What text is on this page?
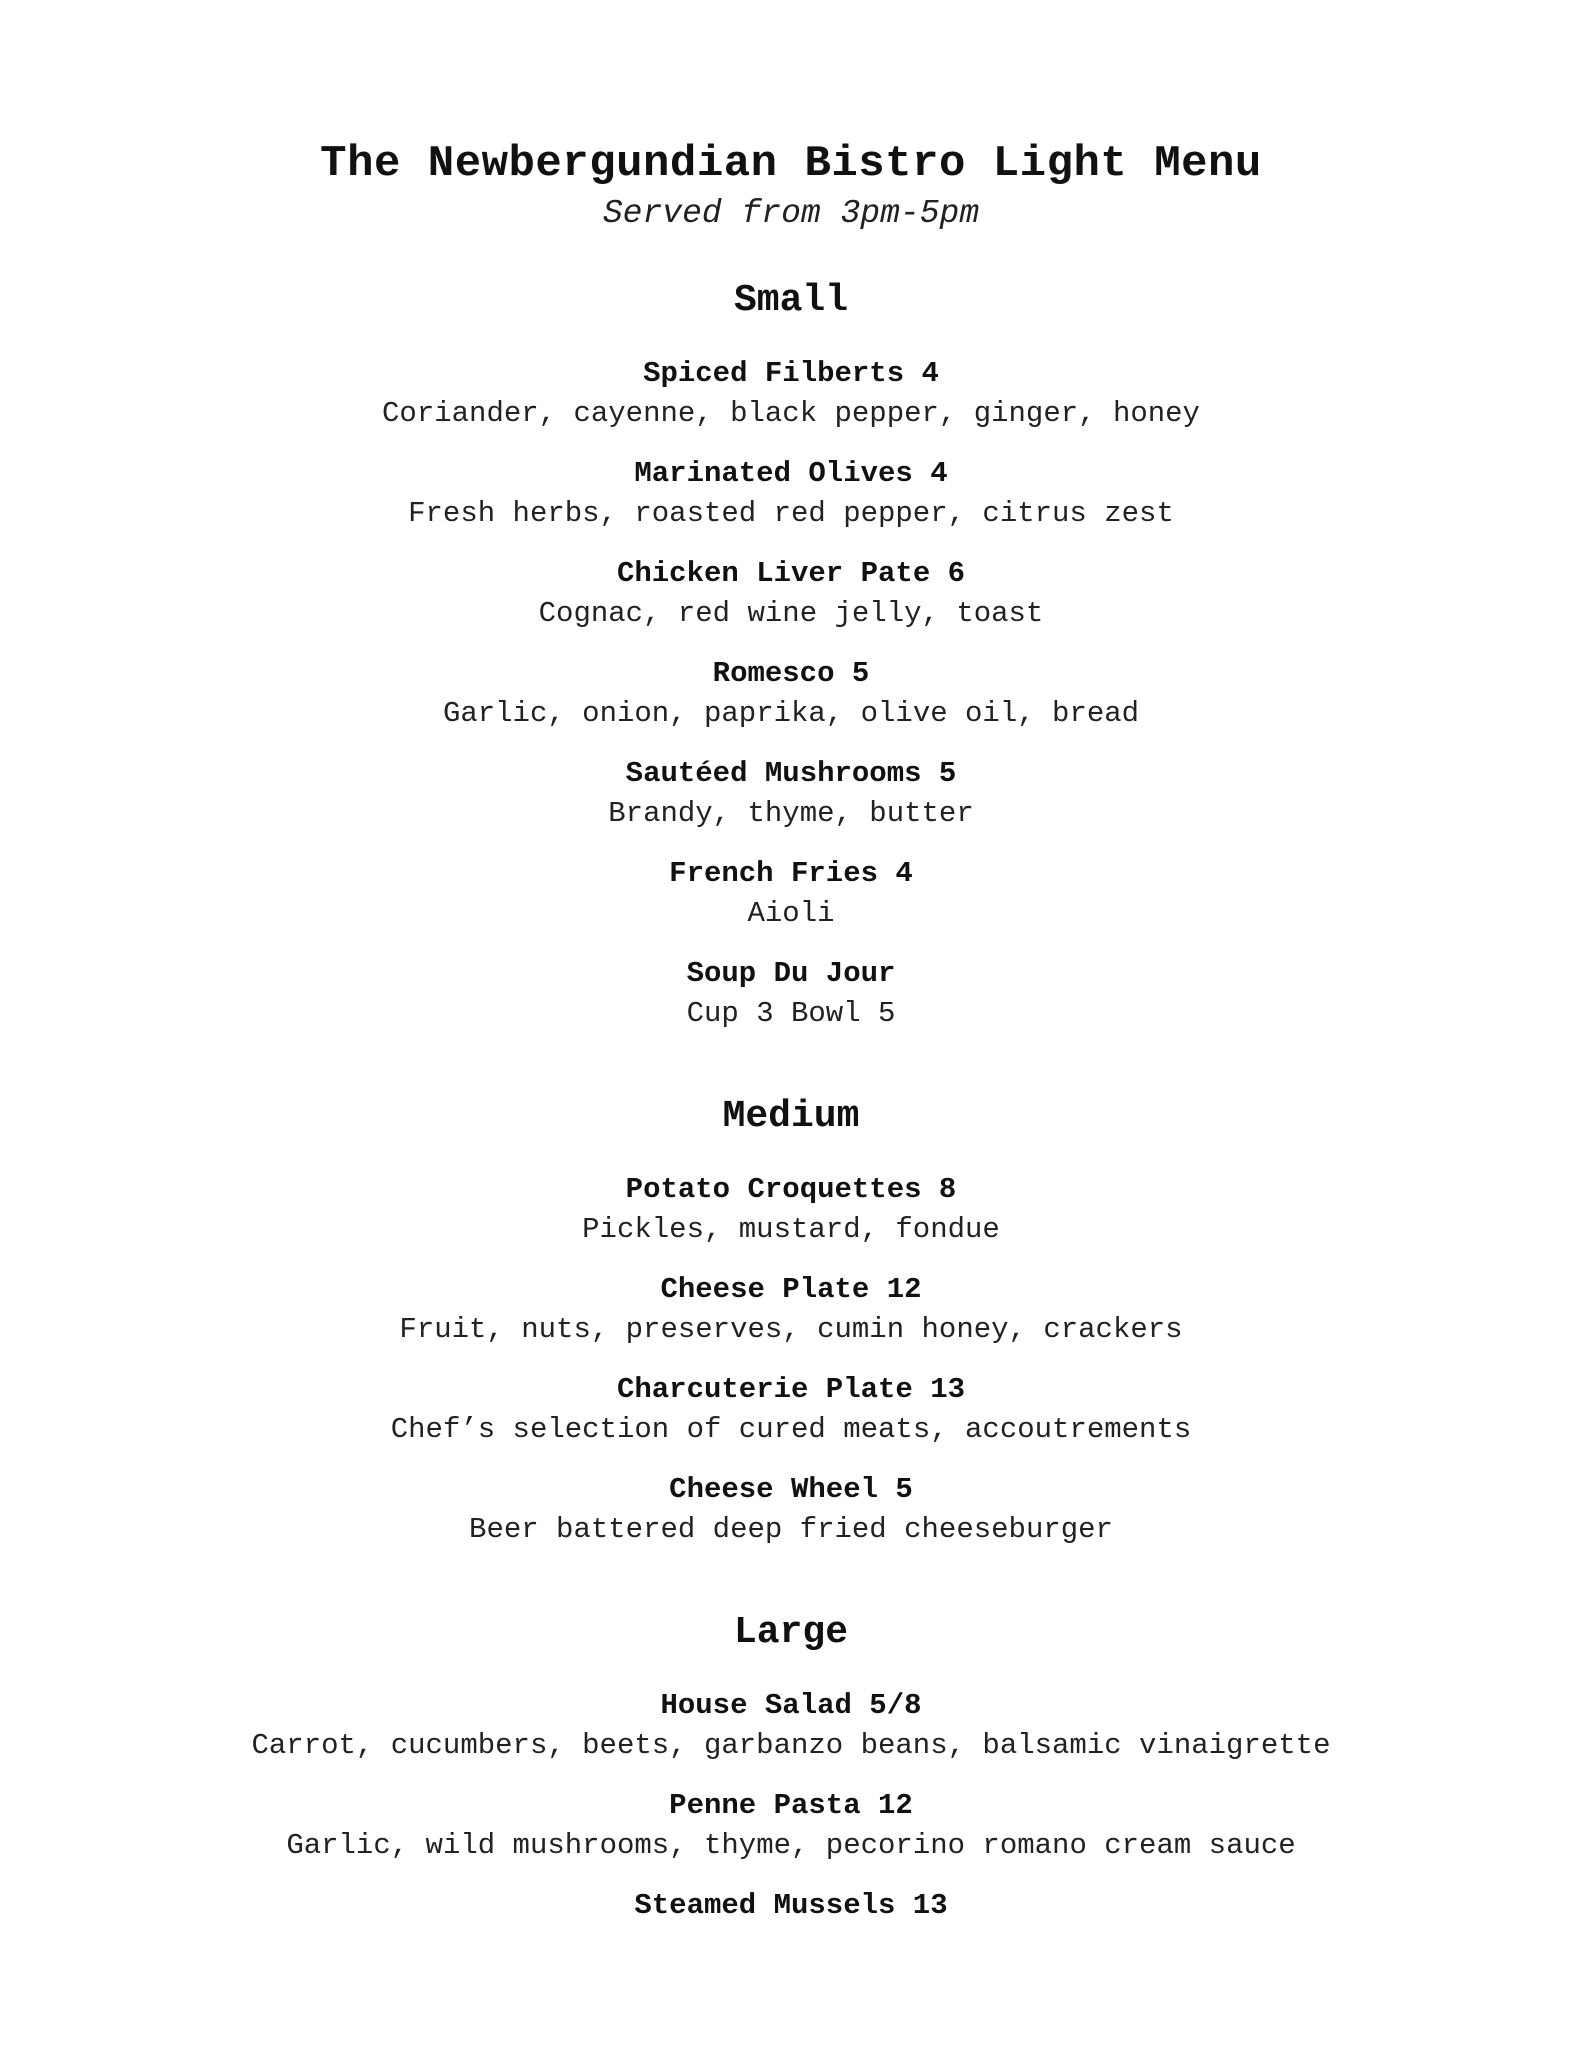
The Newbergundian Bistro Light Menu

Served from 3pm-5pm

Small

Spiced Filberts 4

Coriander, cayenne, black pepper, ginger, honey

Marinated Olives 4

Fresh herbs, roasted red pepper, citrus zest

Chicken Liver Pate 6

Cognac, red wine jelly, toast

Romesco 5

Garlic, onion, paprika, olive oil, bread

Sautéed Mushrooms 5

Brandy, thyme, butter

French Fries 4

Aioli

Soup Du Jour

Cup 3 Bowl 5

Medium

Potato Croquettes 8

Pickles, mustard, fondue

Cheese Plate 12

Fruit, nuts, preserves, cumin honey, crackers

Charcuterie Plate 13

Chef’s selection of cured meats, accoutrements

Cheese Wheel 5

Beer battered deep fried cheeseburger

Large

House Salad 5/8

Carrot, cucumbers, beets, garbanzo beans, balsamic vinaigrette

Penne Pasta 12

Garlic, wild mushrooms, thyme, pecorino romano cream sauce

Steamed Mussels 13
